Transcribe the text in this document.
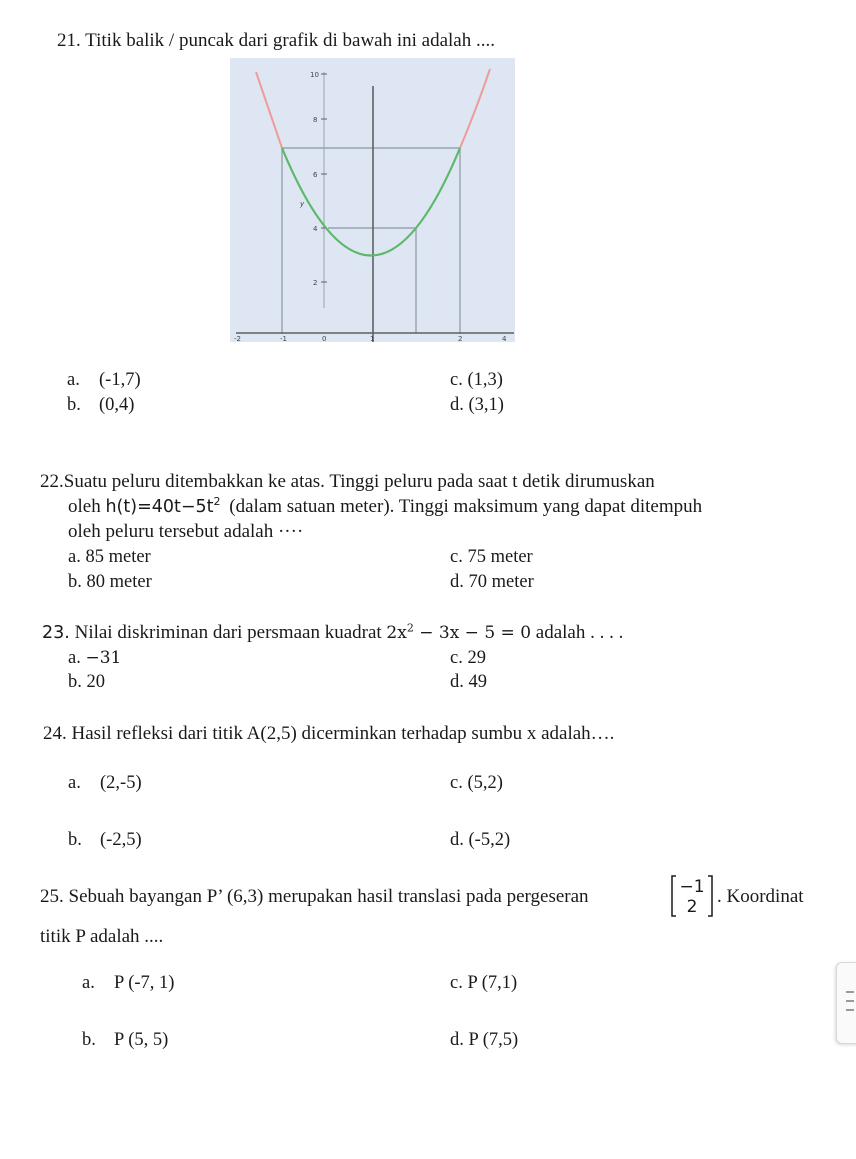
21. Titik balik / puncak dari grafik di bawah ini adalah ....
10
8
6
4
2
y
-2	-1	0	1	2	4
a. (-1,7)
b. (0,4)
c. (1,3)
d. (3,1)
22.Suatu peluru ditembakkan ke atas. Tinggi peluru pada saat t detik dirumuskan
oleh $h(t)=40t-5t^2$ (dalam satuan meter). Tinggi maksimum yang dapat ditempuh
oleh peluru tersebut adalah ····
a. 85 meter
b. 80 meter
c. 75 meter
d. 70 meter
23. Nilai diskriminan dari persmaan kuadrat $2x^2 - 3x - 5 = 0$ adalah . . . .
a. −31
b. 20
c. 29
d. 49
24. Hasil refleksi dari titik A(2,5) dicerminkan terhadap sumbu x adalah….
a. (2,-5)
b. (-2,5)
c. (5,2)
d. (-5,2)
25. Sebuah bayangan P’ (6,3) merupakan hasil translasi pada pergeseran	−1
2 . Koordinat
titik P adalah ....
a. P (-7, 1)
b. P (5, 5)
c. P (7,1)
d. P (7,5)
